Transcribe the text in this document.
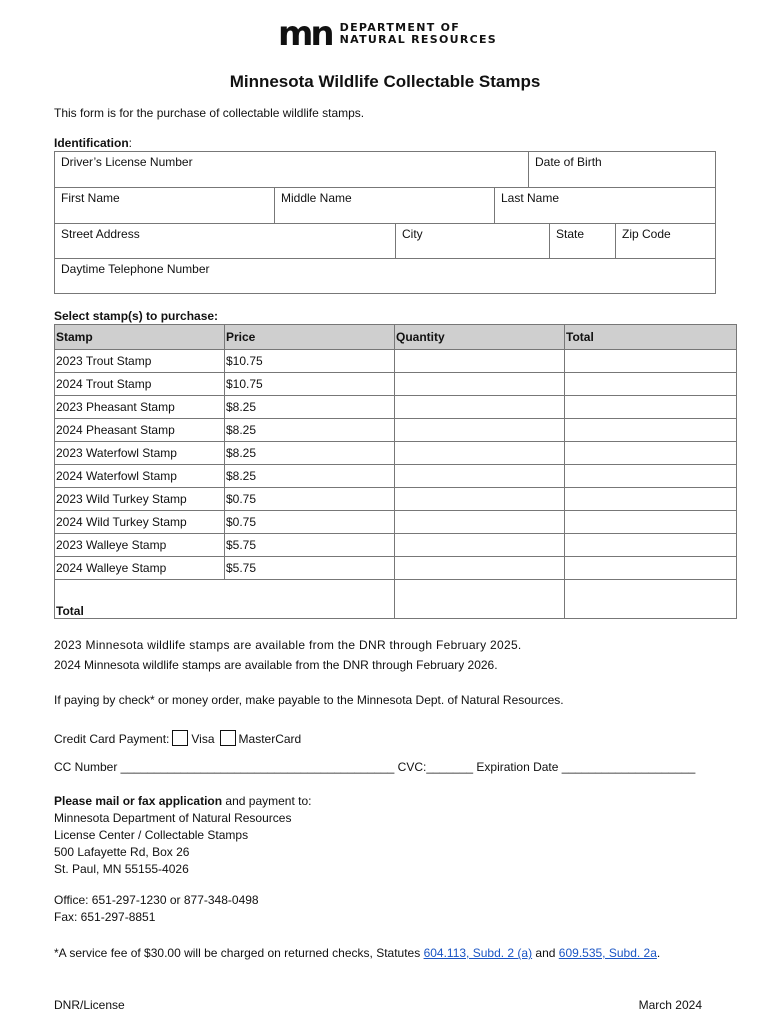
mn DEPARTMENT OF
NATURAL RESOURCES
Minnesota Wildlife Collectable Stamps
This form is for the purchase of collectable wildlife stamps.
Identification:
Driver’s License Number	Date of Birth
First Name	Middle Name	Last Name
Street Address	City	State	Zip Code
Daytime Telephone Number
Select stamp(s) to purchase:
Stamp	Price	Quantity	Total
2023 Trout Stamp	$10.75		
2024 Trout Stamp	$10.75		
2023 Pheasant Stamp	$8.25		
2024 Pheasant Stamp	$8.25		
2023 Waterfowl Stamp	$8.25		
2024 Waterfowl Stamp	$8.25		
2023 Wild Turkey Stamp	$0.75		
2024 Wild Turkey Stamp	$0.75		
2023 Walleye Stamp	$5.75		
2024 Walleye Stamp	$5.75		
Total			
2023 Minnesota wildlife stamps are available from the DNR through February 2025.
2024 Minnesota wildlife stamps are available from the DNR through February 2026.
If paying by check* or money order, make payable to the Minnesota Dept. of Natural Resources.
Credit Card Payment: Visa MasterCard
CC Number _________________________________________ CVC:_______ Expiration Date ____________________
Please mail or fax application and payment to:
Minnesota Department of Natural Resources
License Center / Collectable Stamps
500 Lafayette Rd, Box 26
St. Paul, MN 55155-4026
Office: 651-297-1230 or 877-348-0498
Fax: 651-297-8851
*A service fee of $30.00 will be charged on returned checks, Statutes 604.113, Subd. 2 (a) and 609.535, Subd. 2a.
DNR/License	March 2024
